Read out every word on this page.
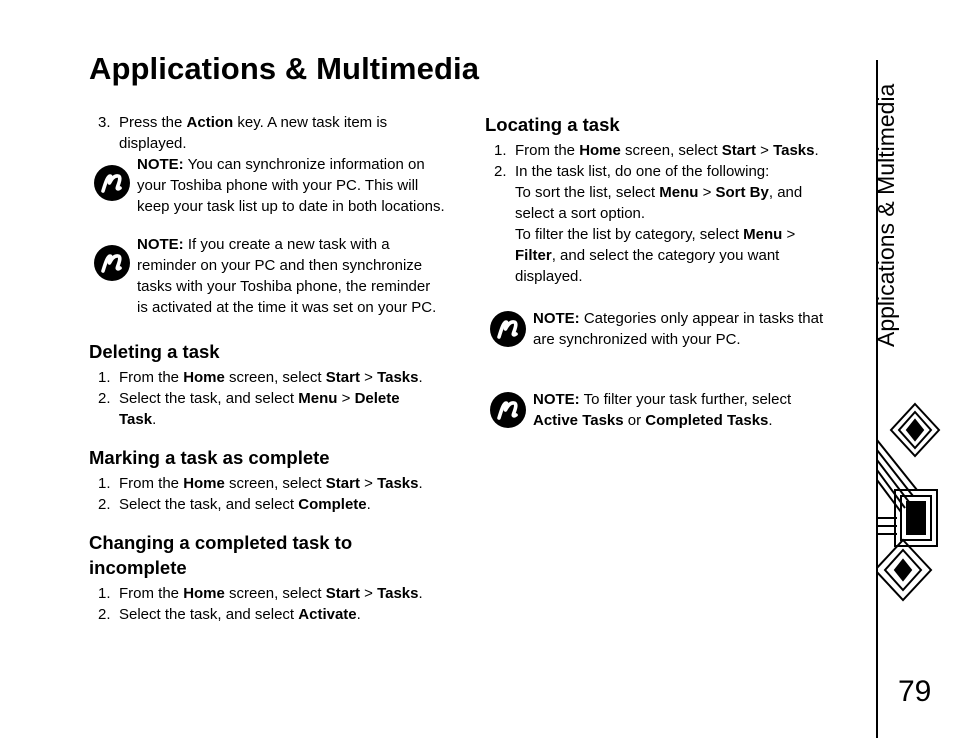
Applications & Multimedia
3. Press the Action key. A new task item is
displayed.
NOTE: You can synchronize information on
your Toshiba phone with your PC. This will
keep your task list up to date in both locations.
NOTE: If you create a new task with a
reminder on your PC and then synchronize
tasks with your Toshiba phone, the reminder
is activated at the time it was set on your PC.
Deleting a task
1. From the Home screen, select Start > Tasks.
2. Select the task, and select Menu > Delete
Task.
Marking a task as complete
1. From the Home screen, select Start > Tasks.
2. Select the task, and select Complete.
Changing a completed task to incomplete
1. From the Home screen, select Start > Tasks.
2. Select the task, and select Activate.
Locating a task
1. From the Home screen, select Start > Tasks.
2. In the task list, do one of the following:
To sort the list, select Menu > Sort By, and
select a sort option.
To filter the list by category, select Menu >
Filter, and select the category you want
displayed.
NOTE: Categories only appear in tasks that
are synchronized with your PC.
NOTE: To filter your task further, select
Active Tasks or Completed Tasks.
Applications & Multimedia
79
